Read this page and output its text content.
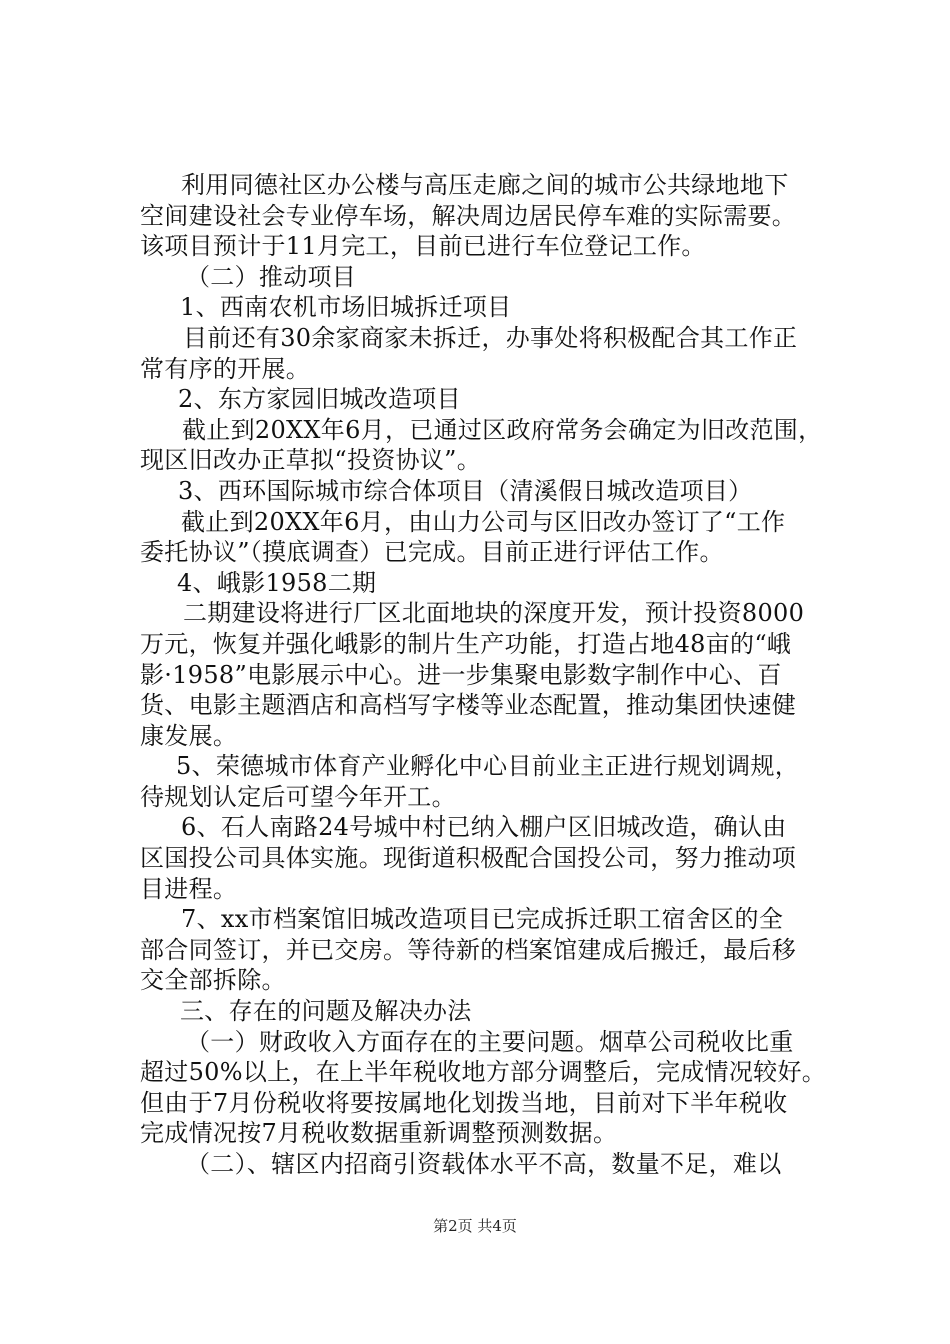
利用同德社区办公楼与高压走廊之间的城市公共绿地地下
空间建设社会专业停车场，解决周边居民停车难的实际需要。
该项目预计于11月完工，目前已进行车位登记工作。
（二）推动项目
1、西南农机市场旧城拆迁项目
目前还有30余家商家未拆迁，办事处将积极配合其工作正
常有序的开展。
2、东方家园旧城改造项目
截止到20XX年6月，已通过区政府常务会确定为旧改范围，
现区旧改办正草拟“投资协议”。
3、西环国际城市综合体项目（清溪假日城改造项目）
截止到20XX年6月，由山力公司与区旧改办签订了“工作
委托协议”（摸底调查）已完成。目前正进行评估工作。
4、峨影1958二期
二期建设将进行厂区北面地块的深度开发，预计投资8000
万元，恢复并强化峨影的制片生产功能，打造占地48亩的“峨
影·1958”电影展示中心。进一步集聚电影数字制作中心、百
货、电影主题酒店和高档写字楼等业态配置，推动集团快速健
康发展。
5、荣德城市体育产业孵化中心目前业主正进行规划调规，
待规划认定后可望今年开工。
6、石人南路24号城中村已纳入棚户区旧城改造，确认由
区国投公司具体实施。现街道积极配合国投公司，努力推动项
目进程。
7、xx市档案馆旧城改造项目已完成拆迁职工宿舍区的全
部合同签订，并已交房。等待新的档案馆建成后搬迁，最后移
交全部拆除。
三、存在的问题及解决办法
（一）财政收入方面存在的主要问题。烟草公司税收比重
超过50%以上，在上半年税收地方部分调整后，完成情况较好。
但由于7月份税收将要按属地化划拨当地，目前对下半年税收
完成情况按7月税收数据重新调整预测数据。
（二）、辖区内招商引资载体水平不高，数量不足，难以
第2页 共4页
